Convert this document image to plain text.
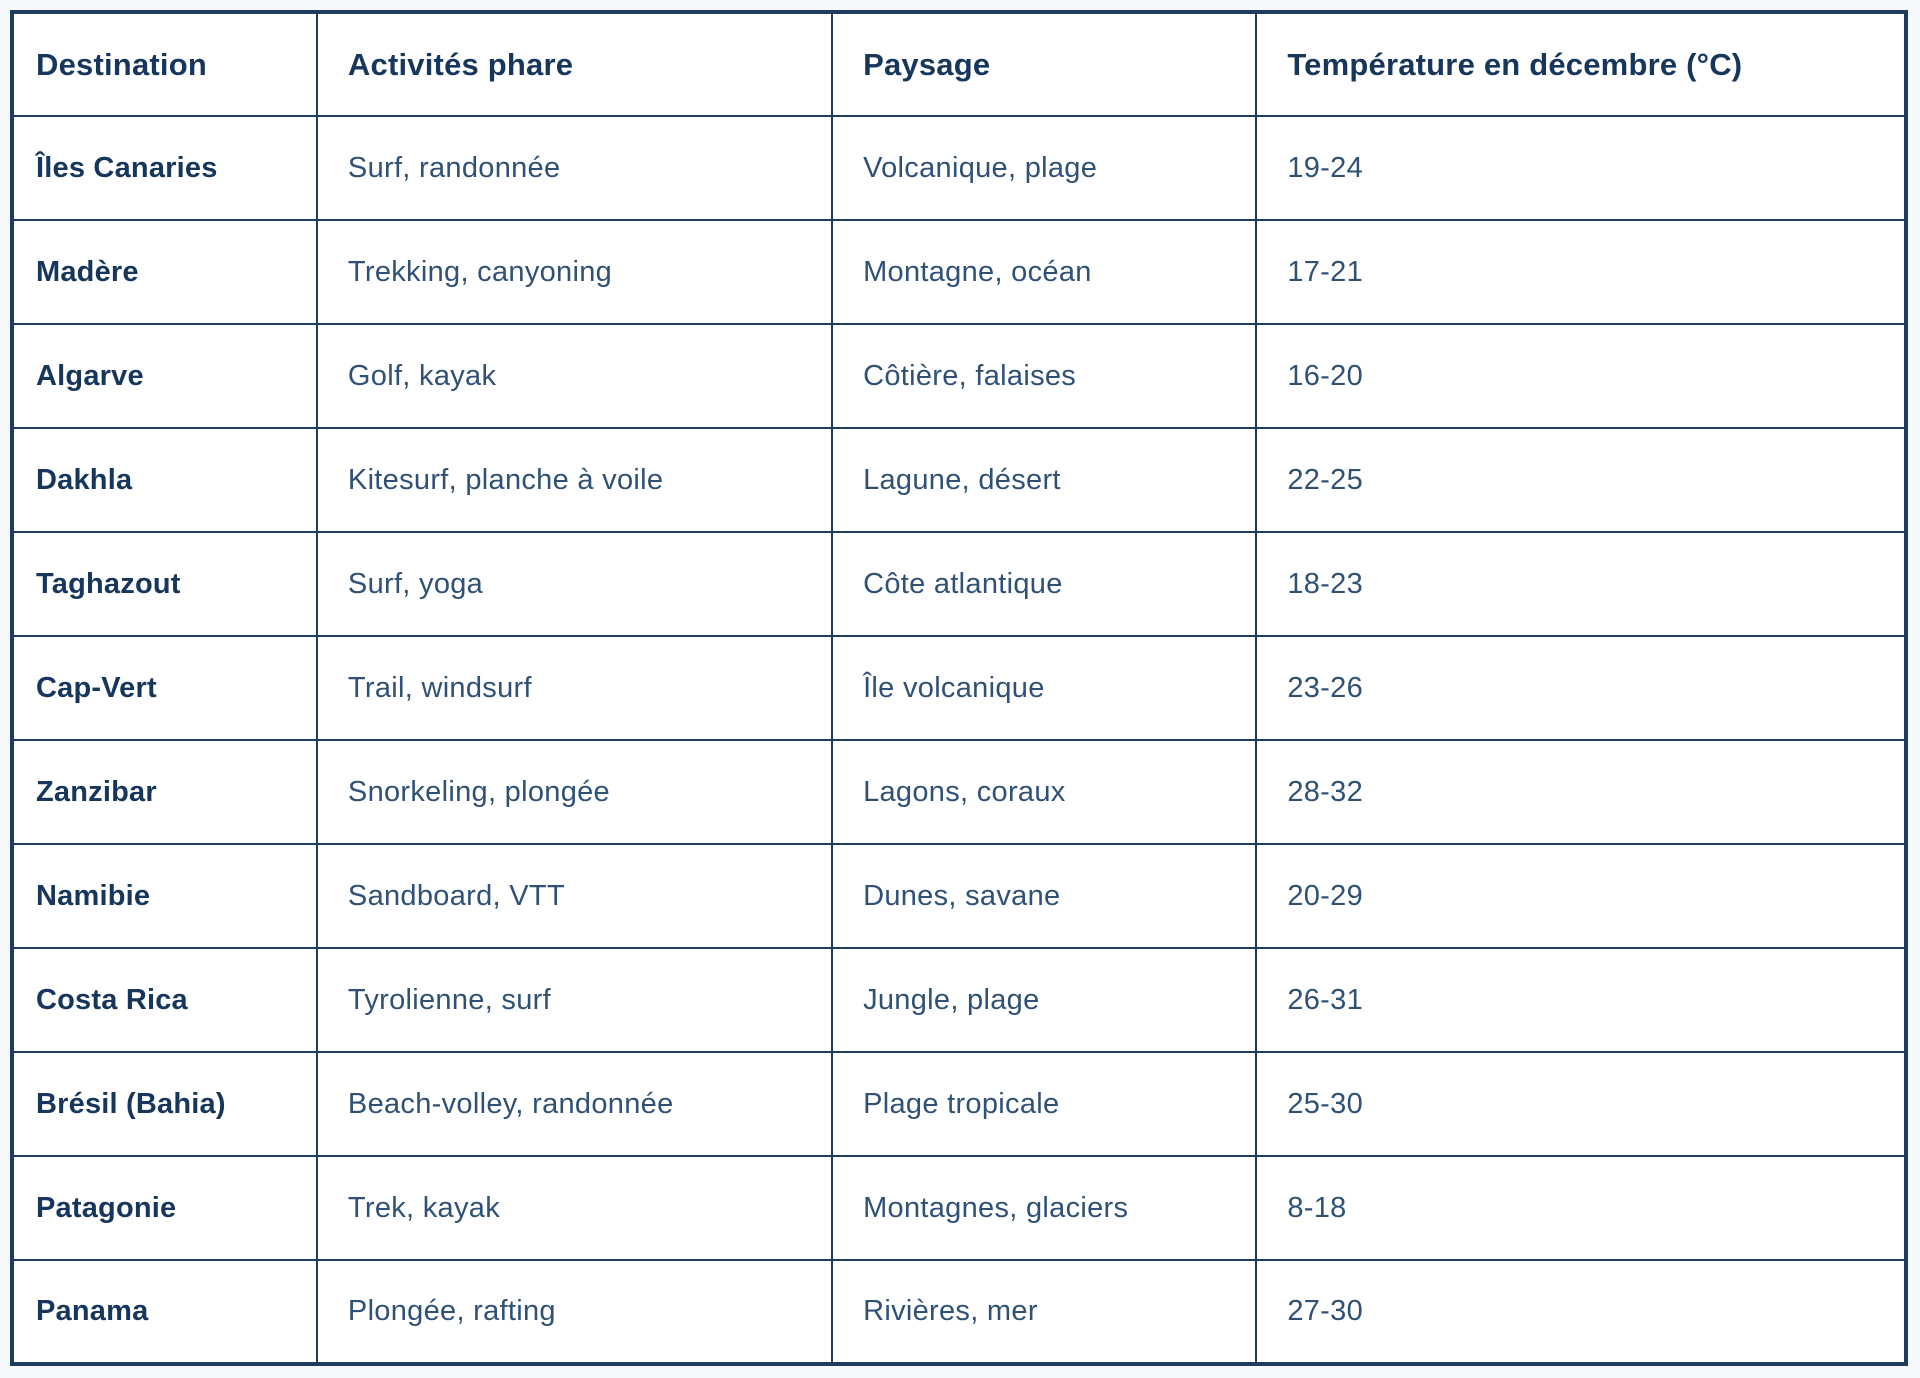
Destination	Activités phare	Paysage	Température en décembre (°C)
Îles Canaries	Surf, randonnée	Volcanique, plage	19-24
Madère	Trekking, canyoning	Montagne, océan	17-21
Algarve	Golf, kayak	Côtière, falaises	16-20
Dakhla	Kitesurf, planche à voile	Lagune, désert	22-25
Taghazout	Surf, yoga	Côte atlantique	18-23
Cap-Vert	Trail, windsurf	Île volcanique	23-26
Zanzibar	Snorkeling, plongée	Lagons, coraux	28-32
Namibie	Sandboard, VTT	Dunes, savane	20-29
Costa Rica	Tyrolienne, surf	Jungle, plage	26-31
Brésil (Bahia)	Beach-volley, randonnée	Plage tropicale	25-30
Patagonie	Trek, kayak	Montagnes, glaciers	8-18
Panama	Plongée, rafting	Rivières, mer	27-30
